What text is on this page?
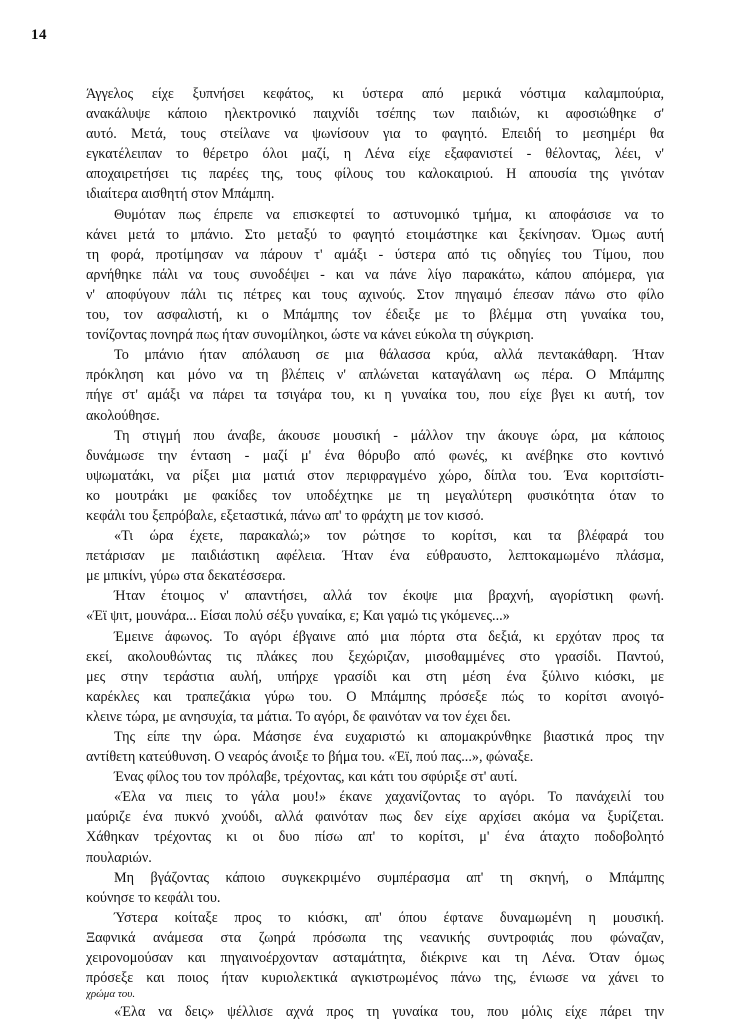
14
Άγγελος είχε ξυπνήσει κεφάτος, κι ύστερα από μερικά νόστιμα καλαμπούρια,
ανακάλυψε κάποιο ηλεκτρονικό παιχνίδι τσέπης των παιδιών, κι αφοσιώθηκε σ'
αυτό. Μετά, τους στείλανε να ψωνίσουν για το φαγητό. Επειδή το μεσημέρι θα
εγκατέλειπαν το θέρετρο όλοι μαζί, η Λένα είχε εξαφανιστεί - θέλοντας, λέει, ν'
αποχαιρετήσει τις παρέες της, τους φίλους του καλοκαιριού. Η απουσία της γινόταν
ιδιαίτερα αισθητή στον Μπάμπη.
Θυμόταν πως έπρεπε να επισκεφτεί το αστυνομικό τμήμα, κι αποφάσισε να το
κάνει μετά το μπάνιο. Στο μεταξύ το φαγητό ετοιμάστηκε και ξεκίνησαν. Όμως αυτή
τη φορά, προτίμησαν να πάρουν τ' αμάξι - ύστερα από τις οδηγίες του Τίμου, που
αρνήθηκε πάλι να τους συνοδέψει - και να πάνε λίγο παρακάτω, κάπου απόμερα, για
ν' αποφύγουν πάλι τις πέτρες και τους αχινούς. Στον πηγαιμό έπεσαν πάνω στο φίλο
του, τον ασφαλιστή, κι ο Μπάμπης τον έδειξε με το βλέμμα στη γυναίκα του,
τονίζοντας πονηρά πως ήταν συνομίληκοι, ώστε να κάνει εύκολα τη σύγκριση.
Το μπάνιο ήταν απόλαυση σε μια θάλασσα κρύα, αλλά πεντακάθαρη. Ήταν
πρόκληση και μόνο να τη βλέπεις ν' απλώνεται καταγάλανη ως πέρα. Ο Μπάμπης
πήγε στ' αμάξι να πάρει τα τσιγάρα του, κι η γυναίκα του, που είχε βγει κι αυτή, τον
ακολούθησε.
Τη στιγμή που άναβε, άκουσε μουσική - μάλλον την άκουγε ώρα, μα κάποιος
δυνάμωσε την ένταση - μαζί μ' ένα θόρυβο από φωνές, κι ανέβηκε στο κοντινό
υψωματάκι, να ρίξει μια ματιά στον περιφραγμένο χώρο, δίπλα του. Ένα κοριτσίστι-
κο μουτράκι με φακίδες τον υποδέχτηκε με τη μεγαλύτερη φυσικότητα όταν το
κεφάλι του ξεπρόβαλε, εξεταστικά, πάνω απ' το φράχτη με τον κισσό.
«Τι ώρα έχετε, παρακαλώ;» τον ρώτησε το κορίτσι, και τα βλέφαρά του
πετάρισαν με παιδιάστικη αφέλεια. Ήταν ένα εύθραυστο, λεπτοκαμωμένο πλάσμα,
με μπικίνι, γύρω στα δεκατέσσερα.
Ήταν έτοιμος ν' απαντήσει, αλλά τον έκοψε μια βραχνή, αγορίστικη φωνή.
«Έϊ ψιτ, μουνάρα... Είσαι πολύ σέξυ γυναίκα, ε; Και γαμώ τις γκόμενες...»
Έμεινε άφωνος. Το αγόρι έβγαινε από μια πόρτα στα δεξιά, κι ερχόταν προς τα
εκεί, ακολουθώντας τις πλάκες που ξεχώριζαν, μισοθαμμένες στο γρασίδι. Παντού,
μες στην τεράστια αυλή, υπήρχε γρασίδι και στη μέση ένα ξύλινο κιόσκι, με
καρέκλες και τραπεζάκια γύρω του. Ο Μπάμπης πρόσεξε πώς το κορίτσι ανοιγό-
κλεινε τώρα, με ανησυχία, τα μάτια. Το αγόρι, δε φαινόταν να τον έχει δει.
Της είπε την ώρα. Μάσησε ένα ευχαριστώ κι απομακρύνθηκε βιαστικά προς την
αντίθετη κατεύθυνση. Ο νεαρός άνοιξε το βήμα του. «Έϊ, πού πας...», φώναξε.
Ένας φίλος του τον πρόλαβε, τρέχοντας, και κάτι του σφύριξε στ' αυτί.
«Έλα να πιεις το γάλα μου!» έκανε χαχανίζοντας το αγόρι. Το πανάχειλί του
μαύριζε ένα πυκνό χνούδι, αλλά φαινόταν πως δεν είχε αρχίσει ακόμα να ξυρίζεται.
Χάθηκαν τρέχοντας κι οι δυο πίσω απ' το κορίτσι, μ' ένα άταχτο ποδοβολητό
πουλαριών.
Μη βγάζοντας κάποιο συγκεκριμένο συμπέρασμα απ' τη σκηνή, ο Μπάμπης
κούνησε το κεφάλι του.
Ύστερα κοίταξε προς το κιόσκι, απ' όπου έφτανε δυναμωμένη η μουσική.
Ξαφνικά ανάμεσα στα ζωηρά πρόσωπα της νεανικής συντροφιάς που φώναζαν,
χειρονομούσαν και πηγαινοέρχονταν ασταμάτητα, διέκρινε και τη Λένα. Όταν όμως
πρόσεξε και ποιος ήταν κυριολεκτικά αγκιστρωμένος πάνω της, ένιωσε να χάνει το
χρώμα του.
«Έλα να δεις» ψέλλισε αχνά προς τη γυναίκα του, που μόλις είχε πάρει την
